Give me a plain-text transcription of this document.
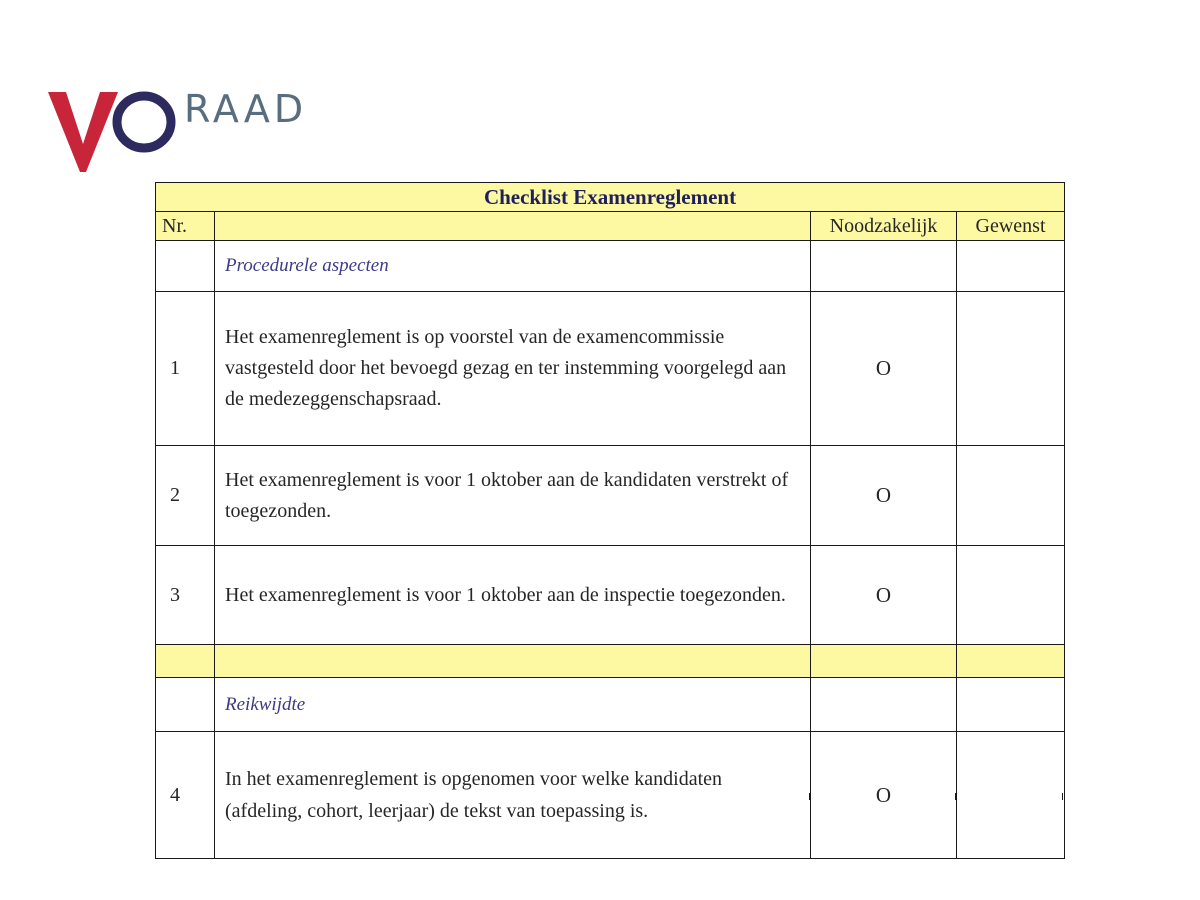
RAAD
Checklist Examenreglement			
Nr.		Noodzakelijk	Gewenst
	Procedurele aspecten		
1	Het examenreglement is op voorstel van de examencommissie vastgesteld door het bevoegd gezag en ter instemming voorgelegd aan de medezeggenschapsraad.	O	
2	Het examenreglement is voor 1 oktober aan de kandidaten verstrekt of toegezonden.	O	
3	Het examenreglement is voor 1 oktober aan de inspectie toegezonden.	O	

	Reikwijdte		
4	In het examenreglement is opgenomen voor welke kandidaten (afdeling, cohort, leerjaar) de tekst van toepassing is.	O	
